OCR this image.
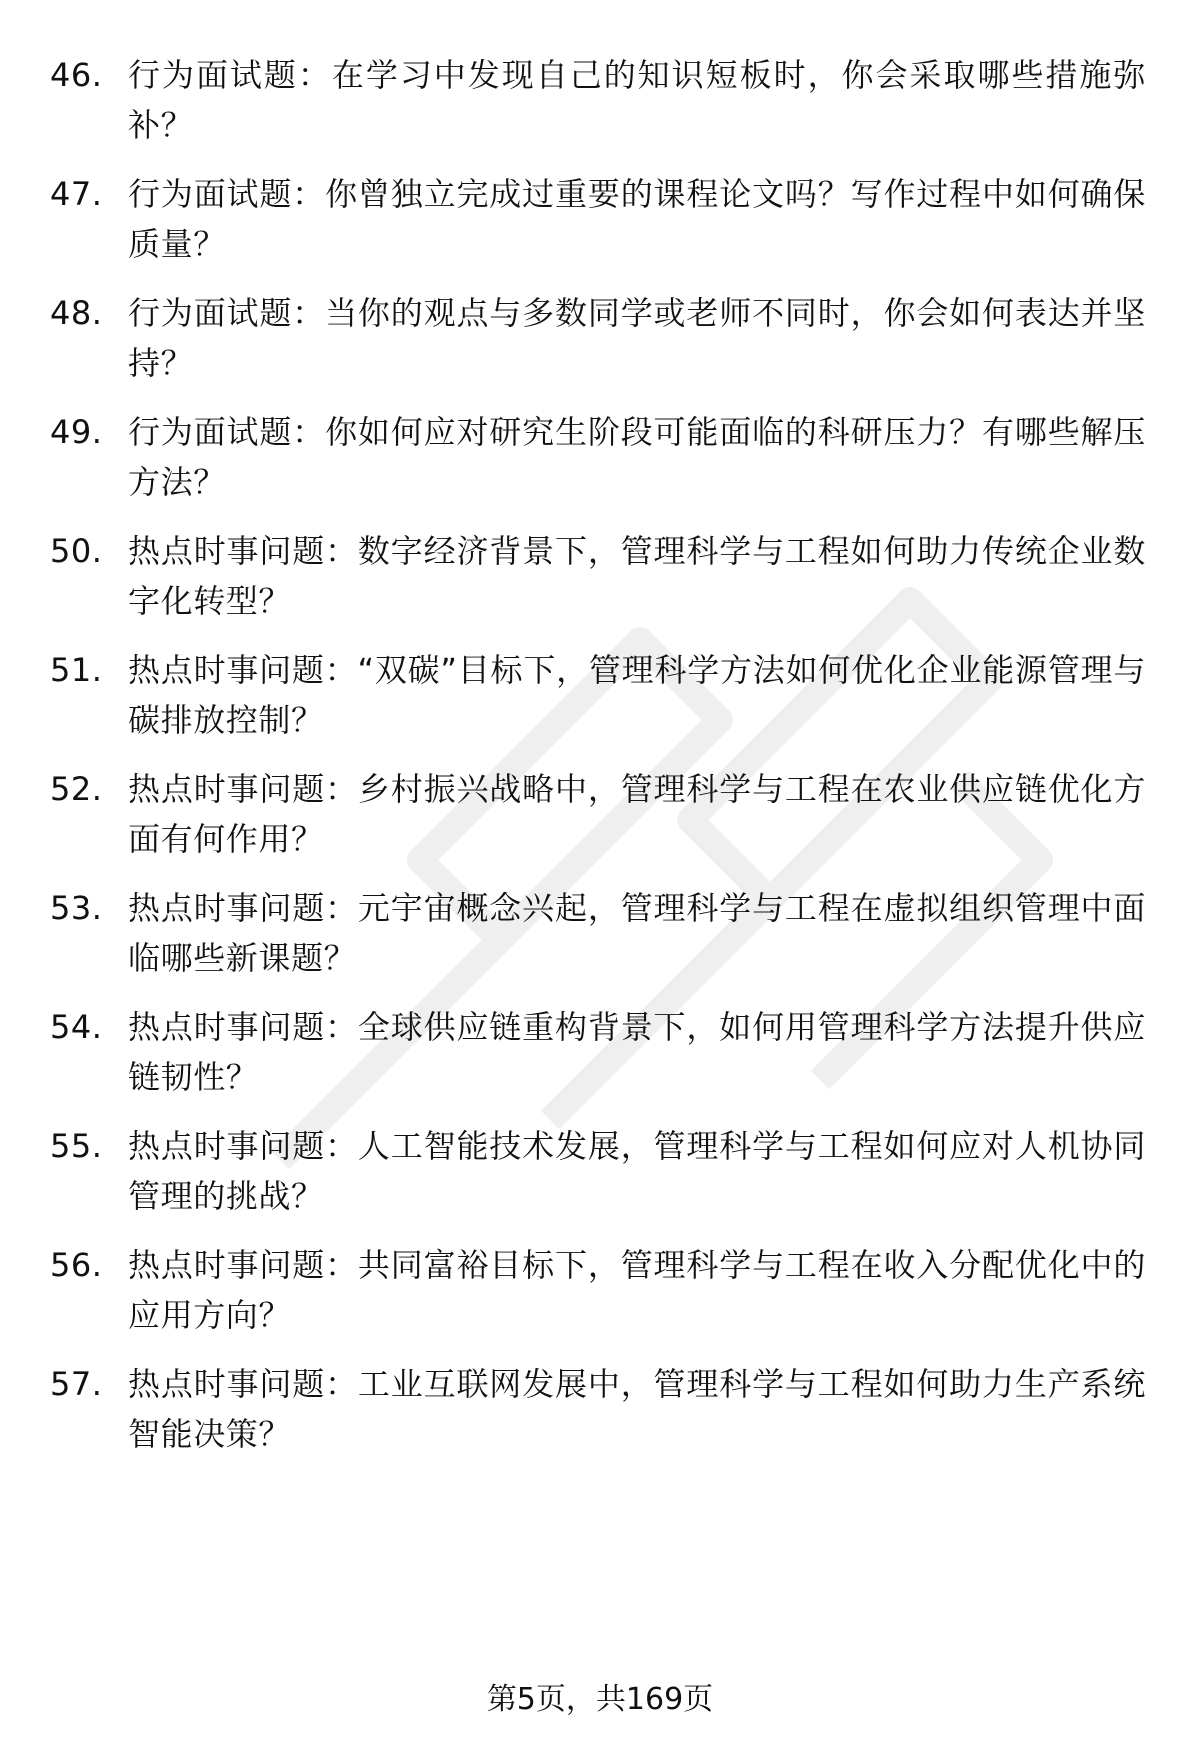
46. 行为面试题：在学习中发现自己的知识短板时，你会采取哪些措施弥补？
47. 行为面试题：你曾独立完成过重要的课程论文吗？写作过程中如何确保质量？
48. 行为面试题：当你的观点与多数同学或老师不同时，你会如何表达并坚持？
49. 行为面试题：你如何应对研究生阶段可能面临的科研压力？有哪些解压方法？
50. 热点时事问题：数字经济背景下，管理科学与工程如何助力传统企业数字化转型？
51. 热点时事问题：“双碳”目标下，管理科学方法如何优化企业能源管理与碳排放控制？
52. 热点时事问题：乡村振兴战略中，管理科学与工程在农业供应链优化方面有何作用？
53. 热点时事问题：元宇宙概念兴起，管理科学与工程在虚拟组织管理中面临哪些新课题？
54. 热点时事问题：全球供应链重构背景下，如何用管理科学方法提升供应链韧性？
55. 热点时事问题：人工智能技术发展，管理科学与工程如何应对人机协同管理的挑战？
56. 热点时事问题：共同富裕目标下，管理科学与工程在收入分配优化中的应用方向？
57. 热点时事问题：工业互联网发展中，管理科学与工程如何助力生产系统智能决策？
第5页，共169页
